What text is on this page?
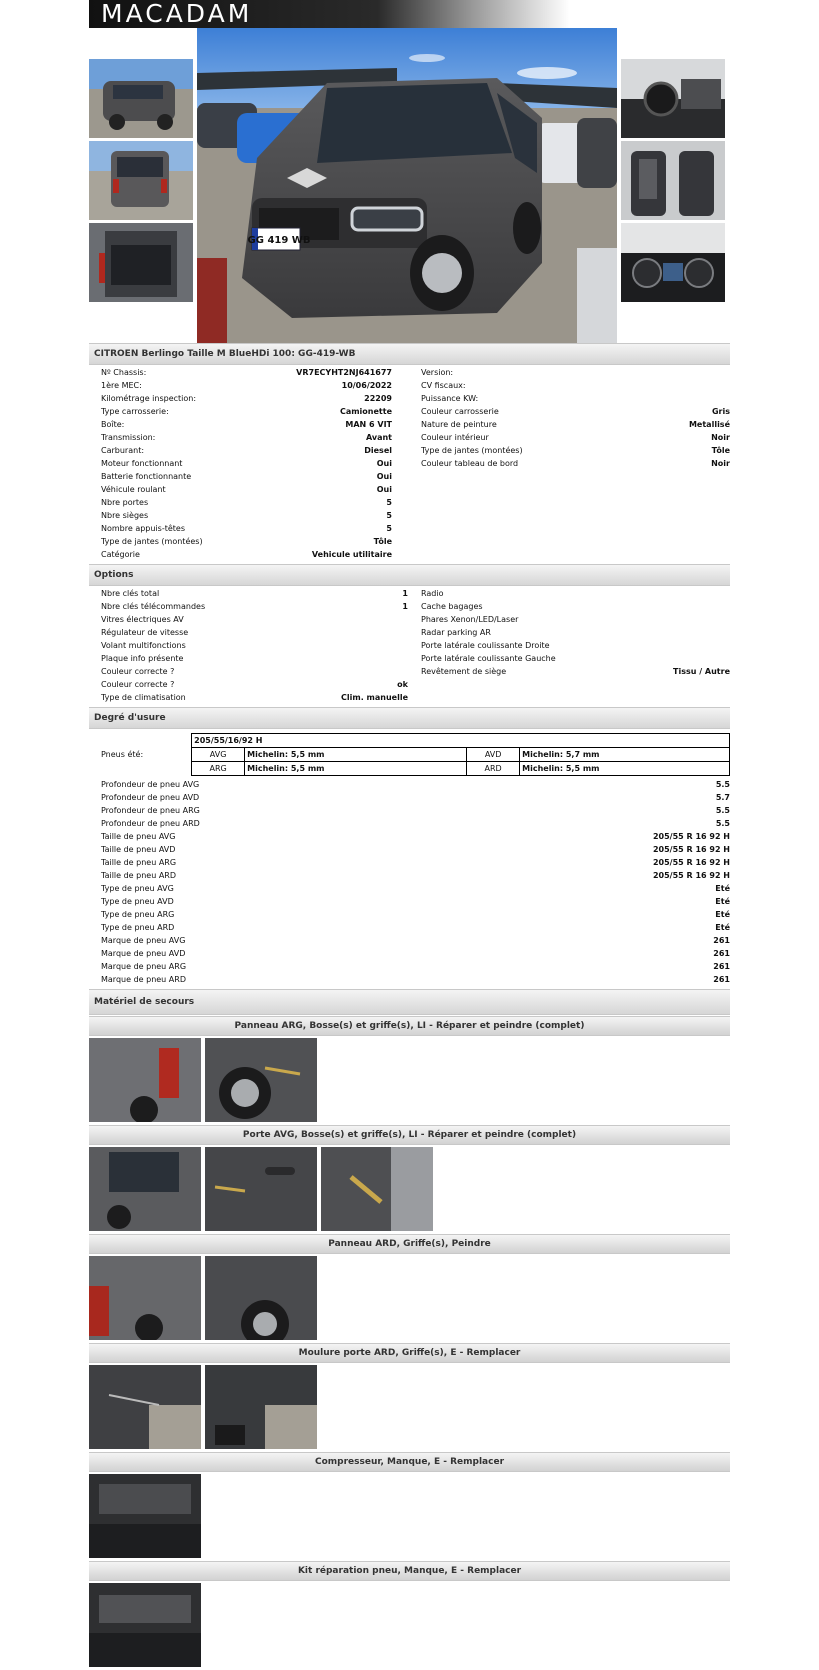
MACADAM
GG 419 WB
CITROEN Berlingo Taille M BlueHDi 100: GG-419-WB
Nº Chassis:	VR7ECYHT2NJ641677
1ère MEC:	10/06/2022
Kilométrage inspection:	22209
Type carrosserie:	Camionette
Boîte:	MAN 6 VIT
Transmission:	Avant
Carburant:	Diesel
Moteur fonctionnant	Oui
Batterie fonctionnante	Oui
Véhicule roulant	Oui
Nbre portes	5
Nbre sièges	5
Nombre appuis-têtes	5
Type de jantes (montées)	Tôle
Catégorie	Vehicule utilitaire
Version:
CV fiscaux:
Puissance KW:
Couleur carrosserie	Gris
Nature de peinture	Metallisé
Couleur intérieur	Noir
Type de jantes (montées)	Tôle
Couleur tableau de bord	Noir
Options
Nbre clés total	1
Nbre clés télécommandes	1
Vitres électriques AV
Régulateur de vitesse
Volant multifonctions
Plaque info présente
Couleur correcte ?
Couleur correcte ?	ok
Type de climatisation	Clim. manuelle
Radio
Cache bagages
Phares Xenon/LED/Laser
Radar parking AR
Porte latérale coulissante Droite
Porte latérale coulissante Gauche
Revêtement de siège	Tissu / Autre
Degré d'usure
Pneus été:
205/55/16/92 H
AVG	Michelin: 5,5 mm	AVD	Michelin: 5,7 mm
ARG	Michelin: 5,5 mm	ARD	Michelin: 5,5 mm
Profondeur de pneu AVG	5.5
Profondeur de pneu AVD	5.7
Profondeur de pneu ARG	5.5
Profondeur de pneu ARD	5.5
Taille de pneu AVG	205/55 R 16 92 H
Taille de pneu AVD	205/55 R 16 92 H
Taille de pneu ARG	205/55 R 16 92 H
Taille de pneu ARD	205/55 R 16 92 H
Type de pneu AVG	Eté
Type de pneu AVD	Eté
Type de pneu ARG	Eté
Type de pneu ARD	Eté
Marque de pneu AVG	261
Marque de pneu AVD	261
Marque de pneu ARG	261
Marque de pneu ARD	261
Matériel de secours
Panneau ARG, Bosse(s) et griffe(s), LI - Réparer et peindre (complet)
Porte AVG, Bosse(s) et griffe(s), LI - Réparer et peindre (complet)
Panneau ARD, Griffe(s), Peindre
Moulure porte ARD, Griffe(s), E - Remplacer
Compresseur, Manque, E - Remplacer
Kit réparation pneu, Manque, E - Remplacer
